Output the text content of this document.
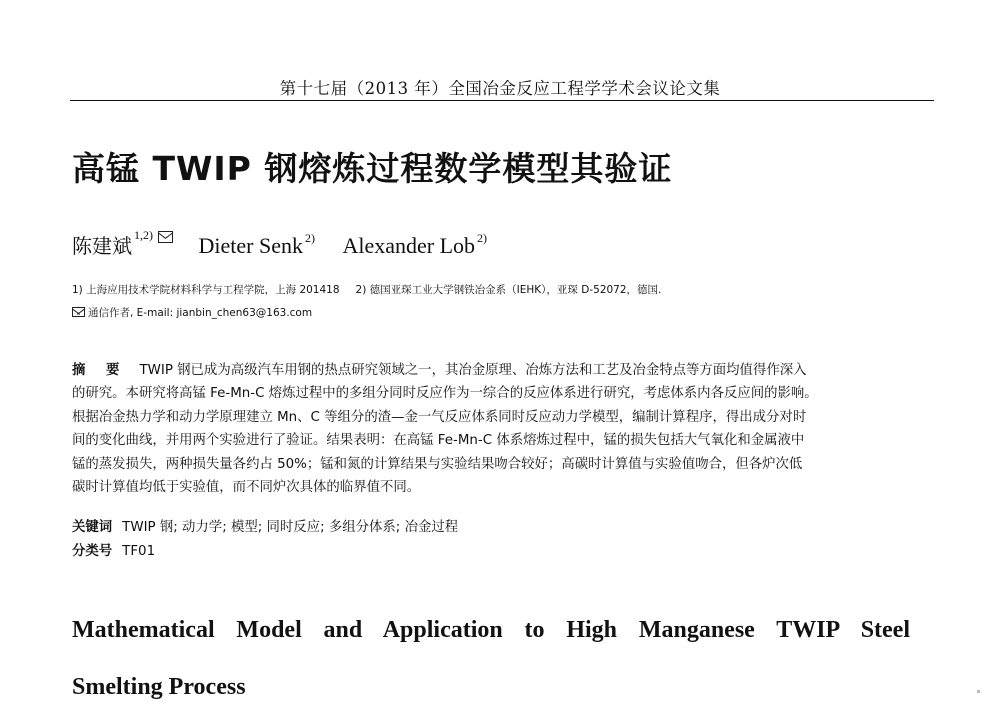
第十七届（2013 年）全国冶金反应工程学学术会议论文集
高锰 TWIP 钢熔炼过程数学模型其验证
陈建斌 $^{1,2)}$ Dieter Senk $^{2)}$ Alexander Lob $^{2)}$
1) 上海应用技术学院材料科学与工程学院，上海 201418 2) 德国亚琛工业大学钢铁冶金系（IEHK），亚琛 D-52072，德国.
通信作者, E-mail: jianbin_chen63@163.com
摘 要 TWIP 钢已成为高级汽车用钢的热点研究领域之一，其冶金原理、冶炼方法和工艺及冶金特点等方面均值得作深入
的研究。本研究将高锰 Fe-Mn-C 熔炼过程中的多组分同时反应作为一综合的反应体系进行研究，考虑体系内各反应间的影响。
根据冶金热力学和动力学原理建立 Mn、C 等组分的渣—金一气反应体系同时反应动力学模型，编制计算程序，得出成分对时
间的变化曲线，并用两个实验进行了验证。结果表明：在高锰 Fe-Mn-C 体系熔炼过程中，锰的损失包括大气氧化和金属液中
锰的蒸发损失，两种损失量各约占 50%；锰和氮的计算结果与实验结果吻合较好；高碳时计算值与实验值吻合，但各炉次低
碳时计算值均低于实验值，而不同炉次具体的临界值不同。
关键词 TWIP 钢; 动力学; 模型; 同时反应; 多组分体系; 冶金过程
分类号 TF01
Mathematical Model and Application to High Manganese TWIP Steel
Smelting Process
